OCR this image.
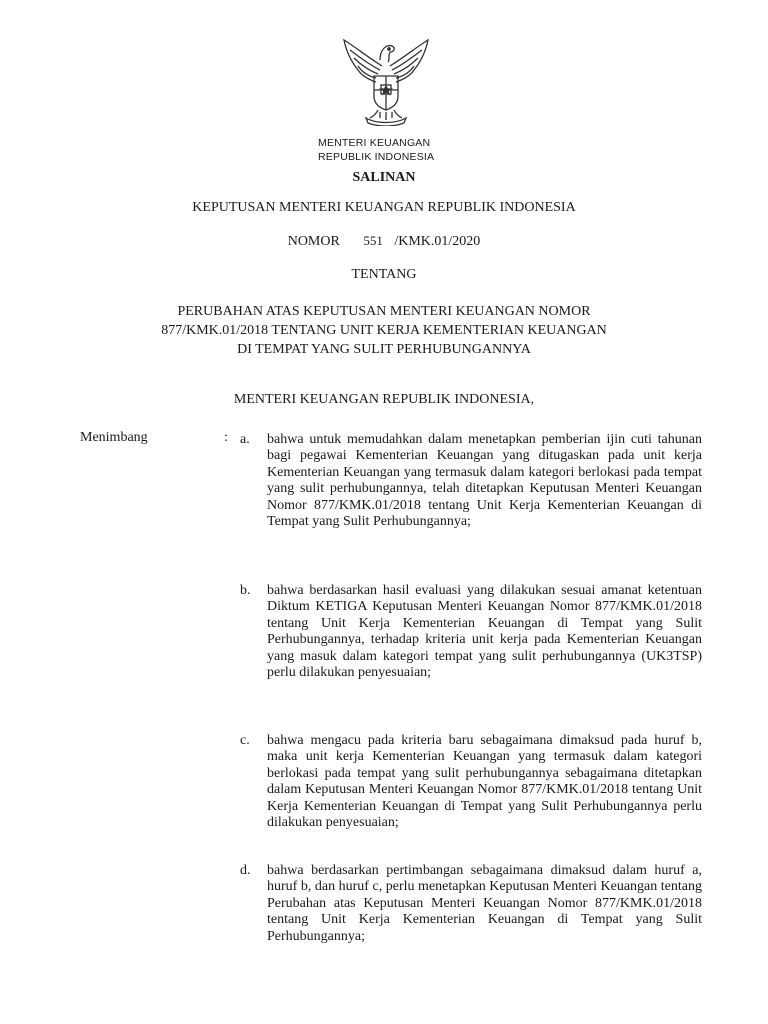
MENTERI KEUANGAN
REPUBLIK INDONESIA
SALINAN
KEPUTUSAN MENTERI KEUANGAN REPUBLIK INDONESIA
NOMOR 551 /KMK.01/2020
TENTANG
PERUBAHAN ATAS KEPUTUSAN MENTERI KEUANGAN NOMOR
877/KMK.01/2018 TENTANG UNIT KERJA KEMENTERIAN KEUANGAN
DI TEMPAT YANG SULIT PERHUBUNGANNYA
MENTERI KEUANGAN REPUBLIK INDONESIA,
Menimbang	: a.	bahwa untuk memudahkan dalam menetapkan pemberian ijin cuti tahunan bagi pegawai Kementerian Keuangan yang ditugaskan pada unit kerja Kementerian Keuangan yang termasuk dalam kategori berlokasi pada tempat yang sulit perhubungannya, telah ditetapkan Keputusan Menteri Keuangan Nomor 877/KMK.01/2018 tentang Unit Kerja Kementerian Keuangan di Tempat yang Sulit Perhubungannya;
b.	bahwa berdasarkan hasil evaluasi yang dilakukan sesuai amanat ketentuan Diktum KETIGA Keputusan Menteri Keuangan Nomor 877/KMK.01/2018 tentang Unit Kerja Kementerian Keuangan di Tempat yang Sulit Perhubungannya, terhadap kriteria unit kerja pada Kementerian Keuangan yang masuk dalam kategori tempat yang sulit perhubungannya (UK3TSP) perlu dilakukan penyesuaian;
c.	bahwa mengacu pada kriteria baru sebagaimana dimaksud pada huruf b, maka unit kerja Kementerian Keuangan yang termasuk dalam kategori berlokasi pada tempat yang sulit perhubungannya sebagaimana ditetapkan dalam Keputusan Menteri Keuangan Nomor 877/KMK.01/2018 tentang Unit Kerja Kementerian Keuangan di Tempat yang Sulit Perhubungannya perlu dilakukan penyesuaian;
d.	bahwa berdasarkan pertimbangan sebagaimana dimaksud dalam huruf a, huruf b, dan huruf c, perlu menetapkan Keputusan Menteri Keuangan tentang Perubahan atas Keputusan Menteri Keuangan Nomor 877/KMK.01/2018 tentang Unit Kerja Kementerian Keuangan di Tempat yang Sulit Perhubungannya;
